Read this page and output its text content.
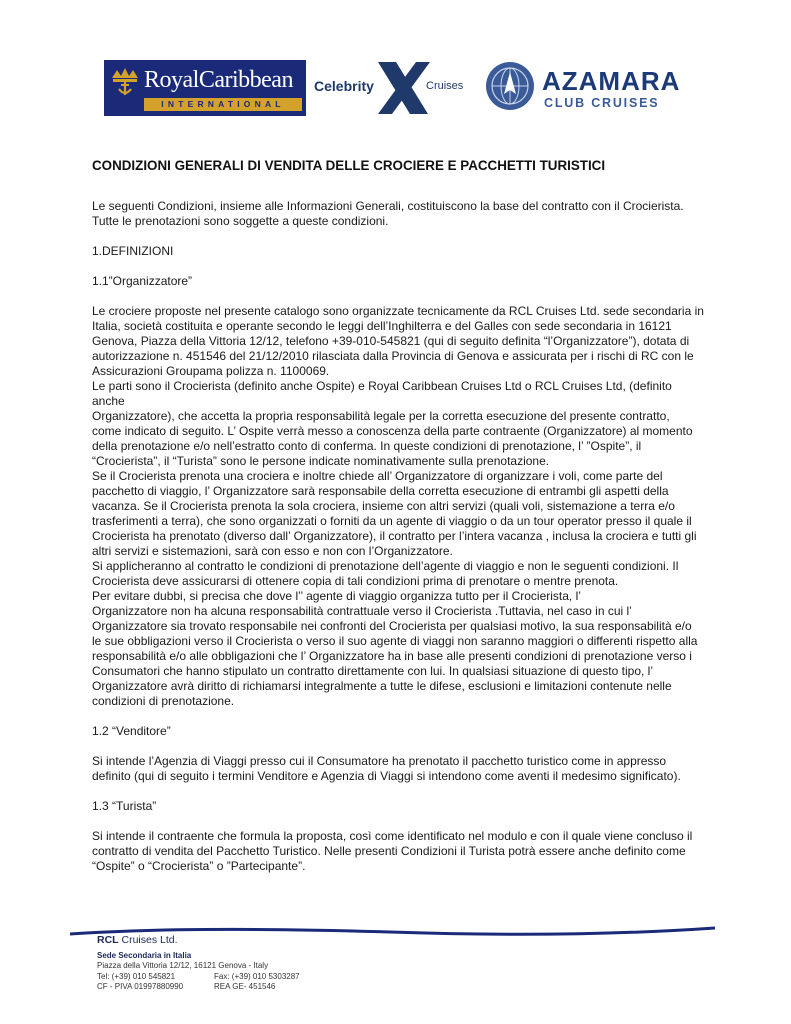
RoyalCaribbean
INTERNATIONAL
Celebrity	Cruises	AZAMARA
CLUB CRUISES
CONDIZIONI GENERALI DI VENDITA DELLE CROCIERE E PACCHETTI TURISTICI

Le seguenti Condizioni, insieme alle Informazioni Generali, costituiscono la base del contratto con il Crocierista.

Tutte le prenotazioni sono soggette a queste condizioni.

1.DEFINIZIONI
1.1”Organizzatore”

Le crociere proposte nel presente catalogo sono organizzate tecnicamente da RCL Cruises Ltd. sede secondaria in

Italia, società costituita e operante secondo le leggi dell’Inghilterra e del Galles con sede secondaria in 16121

Genova, Piazza della Vittoria 12/12, telefono +39-010-545821 (qui di seguito definita “l’Organizzatore”), dotata di

autorizzazione n. 451546 del 21/12/2010 rilasciata dalla Provincia di Genova e assicurata per i rischi di RC con le

Assicurazioni Groupama polizza n. 1100069.

Le parti sono il Crocierista (definito anche Ospite) e Royal Caribbean Cruises Ltd o RCL Cruises Ltd, (definito anche

Organizzatore), che accetta la propria responsabilità legale per la corretta esecuzione del presente contratto,

come indicato di seguito. L’ Ospite verrà messo a conoscenza della parte contraente (Organizzatore) al momento

della prenotazione e/o nell’estratto conto di conferma. In queste condizioni di prenotazione, l’ ”Ospite”, il

“Crocierista”, il “Turista” sono le persone indicate nominativamente sulla prenotazione.

Se il Crocierista prenota una crociera e inoltre chiede all’ Organizzatore di organizzare i voli, come parte del

pacchetto di viaggio, l’ Organizzatore sarà responsabile della corretta esecuzione di entrambi gli aspetti della

vacanza. Se il Crocierista prenota la sola crociera, insieme con altri servizi (quali voli, sistemazione a terra e/o

trasferimenti a terra), che sono organizzati o forniti da un agente di viaggio o da un tour operator presso il quale il

Crocierista ha prenotato (diverso dall’ Organizzatore), il contratto per l’intera vacanza , inclusa la crociera e tutti gli

altri servizi e sistemazioni, sarà con esso e non con l’Organizzatore.

Si applicheranno al contratto le condizioni di prenotazione dell’agente di viaggio e non le seguenti condizioni. Il

Crocierista deve assicurarsi di ottenere copia di tali condizioni prima di prenotare o mentre prenota.

Per evitare dubbi, si precisa che dove l’’ agente di viaggio organizza tutto per il Crocierista, l’

Organizzatore non ha alcuna responsabilità contrattuale verso il Crocierista .Tuttavia, nel caso in cui l’

Organizzatore sia trovato responsabile nei confronti del Crocierista per qualsiasi motivo, la sua responsabilità e/o

le sue obbligazioni verso il Crocierista o verso il suo agente di viaggi non saranno maggiori o differenti rispetto alla

responsabilità e/o alle obbligazioni che l’ Organizzatore ha in base alle presenti condizioni di prenotazione verso i

Consumatori che hanno stipulato un contratto direttamente con lui. In qualsiasi situazione di questo tipo, l’

Organizzatore avrà diritto di richiamarsi integralmente a tutte le difese, esclusioni e limitazioni contenute nelle

condizioni di prenotazione.

1.2 “Venditore”

Si intende l’Agenzia di Viaggi presso cui il Consumatore ha prenotato il pacchetto turistico come in appresso

definito (qui di seguito i termini Venditore e Agenzia di Viaggi si intendono come aventi il medesimo significato).

1.3 “Turista”

Si intende il contraente che formula la proposta, così come identificato nel modulo e con il quale viene concluso il

contratto di vendita del Pacchetto Turistico. Nelle presenti Condizioni il Turista potrà essere anche definito come

“Ospite” o “Crocierista” o ”Partecipante”.

RCL Cruises Ltd.
Sede Secondaria in Italia
Piazza della Vittoria 12/12, 16121 Genova - Italy
Tel: (+39) 010 545821	Fax: (+39) 010 5303287
CF - PIVA 01997880990	REA GE- 451546
